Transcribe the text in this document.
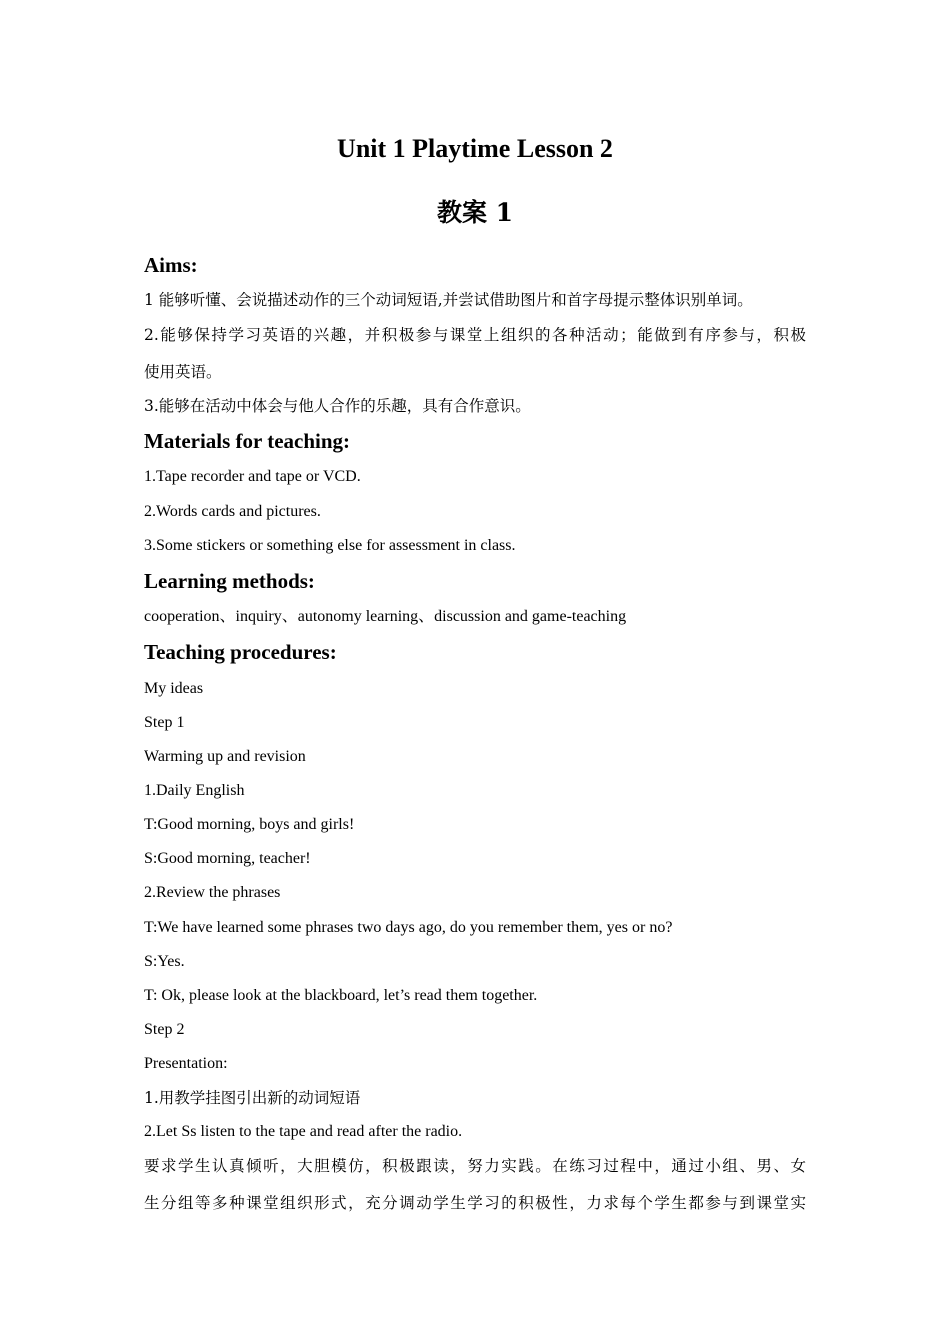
Unit 1 Playtime Lesson 2
教案 1
Aims:

1 能够听懂、会说描述动作的三个动词短语,并尝试借助图片和首字母提示整体识别单词。

2.能够保持学习英语的兴趣，并积极参与课堂上组织的各种活动；能做到有序参与，积极

使用英语。

3.能够在活动中体会与他人合作的乐趣，具有合作意识。

Materials for teaching:

1.Tape recorder and tape or VCD.

2.Words cards and pictures.

3.Some stickers or something else for assessment in class.

Learning methods:

cooperation、inquiry、autonomy learning、discussion and game-teaching

Teaching procedures:

My ideas

Step 1

Warming up and revision

1.Daily English

T:Good morning, boys and girls!

S:Good morning, teacher!

2.Review the phrases

T:We have learned some phrases two days ago, do you remember them, yes or no?

S:Yes.

T: Ok, please look at the blackboard, let’s read them together.

Step 2

Presentation:

1.用教学挂图引出新的动词短语

2.Let Ss listen to the tape and read after the radio.

要求学生认真倾听，大胆模仿，积极跟读，努力实践。在练习过程中，通过小组、男、女

生分组等多种课堂组织形式，充分调动学生学习的积极性，力求每个学生都参与到课堂实
